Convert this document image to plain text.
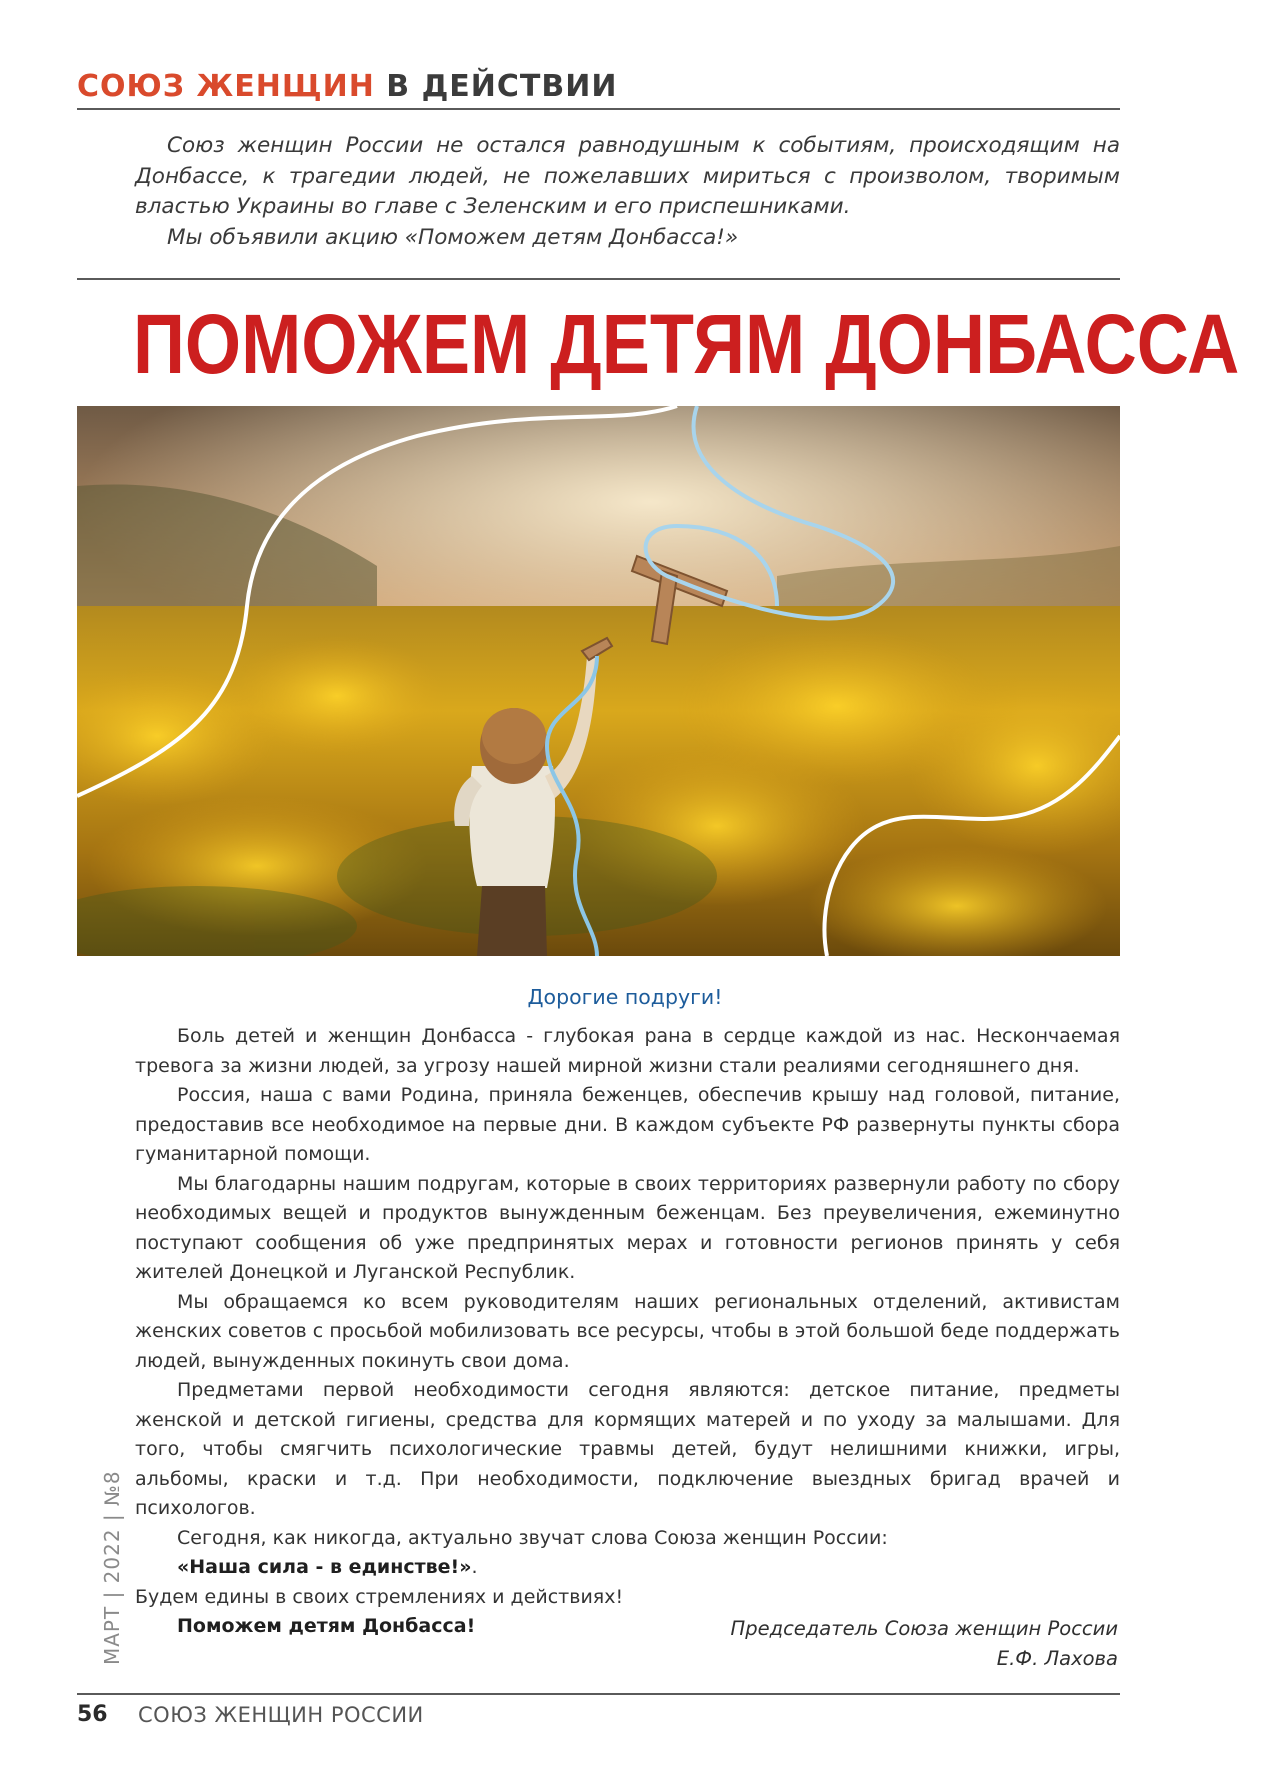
СОЮЗ ЖЕНЩИН В ДЕЙСТВИИ

Союз женщин России не остался равнодушным к событиям, происходящим на Донбассе, к трагедии людей, не пожелавших мириться с произволом, творимым властью Украины во главе с Зеленским и его приспешниками.

Мы объявили акцию «Поможем детям Донбасса!»

ПОМОЖЕМ ДЕТЯМ ДОНБАССА
Дорогие подруги!

Боль детей и женщин Донбасса - глубокая рана в сердце каждой из нас. Нескончаемая тревога за жизни людей, за угрозу нашей мирной жизни стали реалиями сегодняшнего дня.

Россия, наша с вами Родина, приняла беженцев, обеспечив крышу над головой, питание, предоставив все необходимое на первые дни. В каждом субъекте РФ развернуты пункты сбора гуманитарной помощи.

Мы благодарны нашим подругам, которые в своих территориях развернули работу по сбору необходимых вещей и продуктов вынужденным беженцам. Без преувеличения, ежеминутно поступают сообщения об уже предпринятых мерах и готовности регионов принять у себя жителей Донецкой и Луганской Республик.

Мы обращаемся ко всем руководителям наших региональных отделений, активистам женских советов с просьбой мобилизовать все ресурсы, чтобы в этой большой беде поддержать людей, вынужденных покинуть свои дома.

Предметами первой необходимости сегодня являются: детское питание, предметы женской и детской гигиены, средства для кормящих матерей и по уходу за малышами. Для того, чтобы смягчить психологические травмы детей, будут нелишними книжки, игры, альбомы, краски и т.д. При необходимости, подключение выездных бригад врачей и психологов.

Сегодня, как никогда, актуально звучат слова Союза женщин России:

«Наша сила - в единстве!».

Будем едины в своих стремлениях и действиях!

Поможем детям Донбасса!	Председатель Союза женщин России
Е.Ф. Лахова
МАРТ | 2022 | №8
56 СОЮЗ ЖЕНЩИН РОССИИ
